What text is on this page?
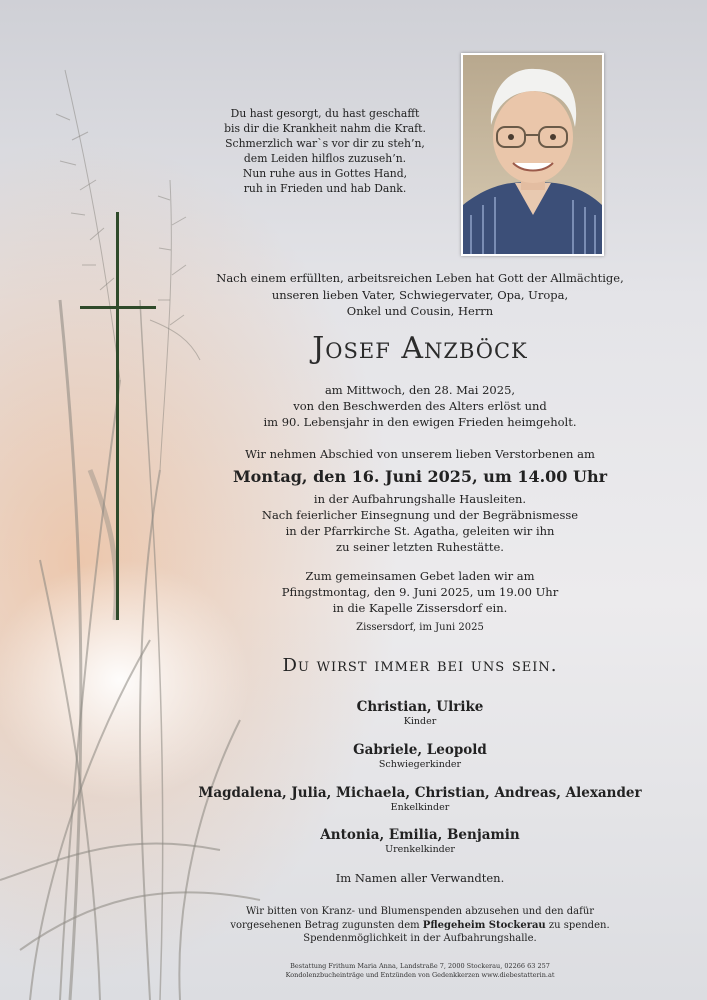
Du hast gesorgt, du hast geschafft
bis dir die Krankheit nahm die Kraft.
Schmerzlich war`s vor dir zu steh’n,
dem Leiden hilflos zuzuseh’n.
Nun ruhe aus in Gottes Hand,
ruh in Frieden und hab Dank.
Nach einem erfüllten, arbeitsreichen Leben hat Gott der Allmächtige,
unseren lieben Vater, Schwiegervater, Opa, Uropa,
Onkel und Cousin, Herrn
Josef Anzböck
am Mittwoch, den 28. Mai 2025,
von den Beschwerden des Alters erlöst und
im 90. Lebensjahr in den ewigen Frieden heimgeholt.
Wir nehmen Abschied von unserem lieben Verstorbenen am
Montag, den 16. Juni 2025, um 14.00 Uhr
in der Aufbahrungshalle Hausleiten.
Nach feierlicher Einsegnung und der Begräbnismesse
in der Pfarrkirche St. Agatha, geleiten wir ihn
zu seiner letzten Ruhestätte.
Zum gemeinsamen Gebet laden wir am
Pfingstmontag, den 9. Juni 2025, um 19.00 Uhr
in die Kapelle Zissersdorf ein.
Zissersdorf, im Juni 2025
Du wirst immer bei uns sein.
Christian, Ulrike
Kinder
Gabriele, Leopold
Schwiegerkinder
Magdalena, Julia, Michaela, Christian, Andreas, Alexander
Enkelkinder
Antonia, Emilia, Benjamin
Urenkelkinder
Im Namen aller Verwandten.
Wir bitten von Kranz- und Blumenspenden abzusehen und den dafür
vorgesehenen Betrag zugunsten dem Pflegeheim Stockerau zu spenden.
Spendenmöglichkeit in der Aufbahrungshalle.
Bestattung Frithum Maria Anna, Landstraße 7, 2000 Stockerau, 02266 63 257
Kondolenzbucheinträge und Entzünden von Gedenkkerzen www.diebestatterin.at
